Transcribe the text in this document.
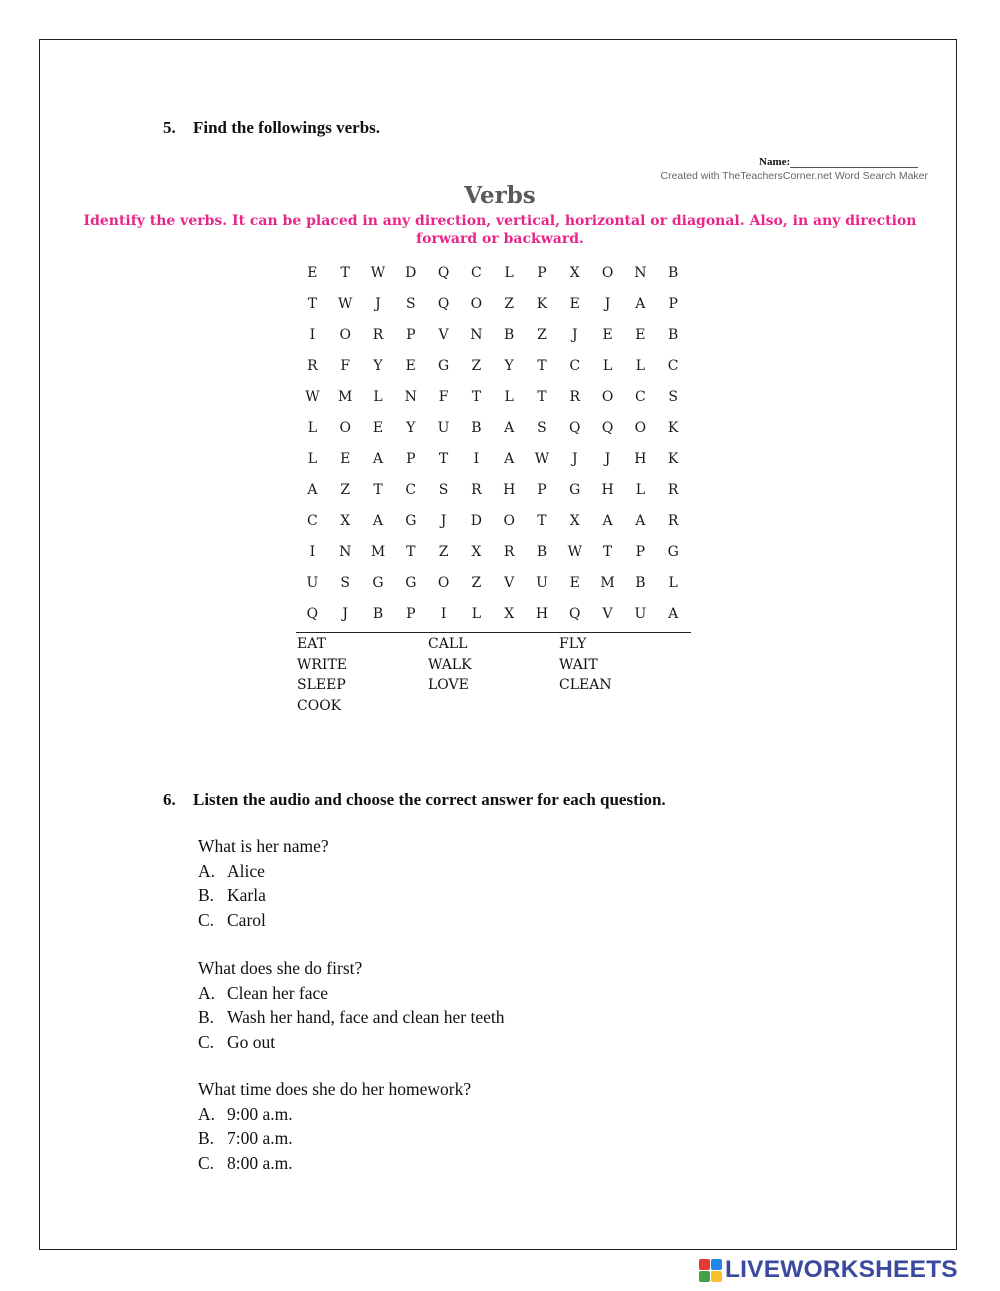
5. Find the followings verbs.
Name:
Created with TheTeachersCorner.net Word Search Maker
Verbs
Identify the verbs. It can be placed in any direction, vertical, horizontal or diagonal. Also, in any direction forward or backward.
E	T	W	D	Q	C	L	P	X	O	N	B
T	W	J	S	Q	O	Z	K	E	J	A	P
I	O	R	P	V	N	B	Z	J	E	E	B
R	F	Y	E	G	Z	Y	T	C	L	L	C
W	M	L	N	F	T	L	T	R	O	C	S
L	O	E	Y	U	B	A	S	Q	Q	O	K
L	E	A	P	T	I	A	W	J	J	H	K
A	Z	T	C	S	R	H	P	G	H	L	R
C	X	A	G	J	D	O	T	X	A	A	R
I	N	M	T	Z	X	R	B	W	T	P	G
U	S	G	G	O	Z	V	U	E	M	B	L
Q	J	B	P	I	L	X	H	Q	V	U	A
EAT	CALL	FLY
WRITE	WALK	WAIT
SLEEP	LOVE	CLEAN
COOK
6. Listen the audio and choose the correct answer for each question.
What is her name?
A. Alice
B. Karla
C. Carol
What does she do first?
A. Clean her face
B. Wash her hand, face and clean her teeth
C. Go out
What time does she do her homework?
A. 9:00 a.m.
B. 7:00 a.m.
C. 8:00 a.m.
LIVEWORKSHEETS
